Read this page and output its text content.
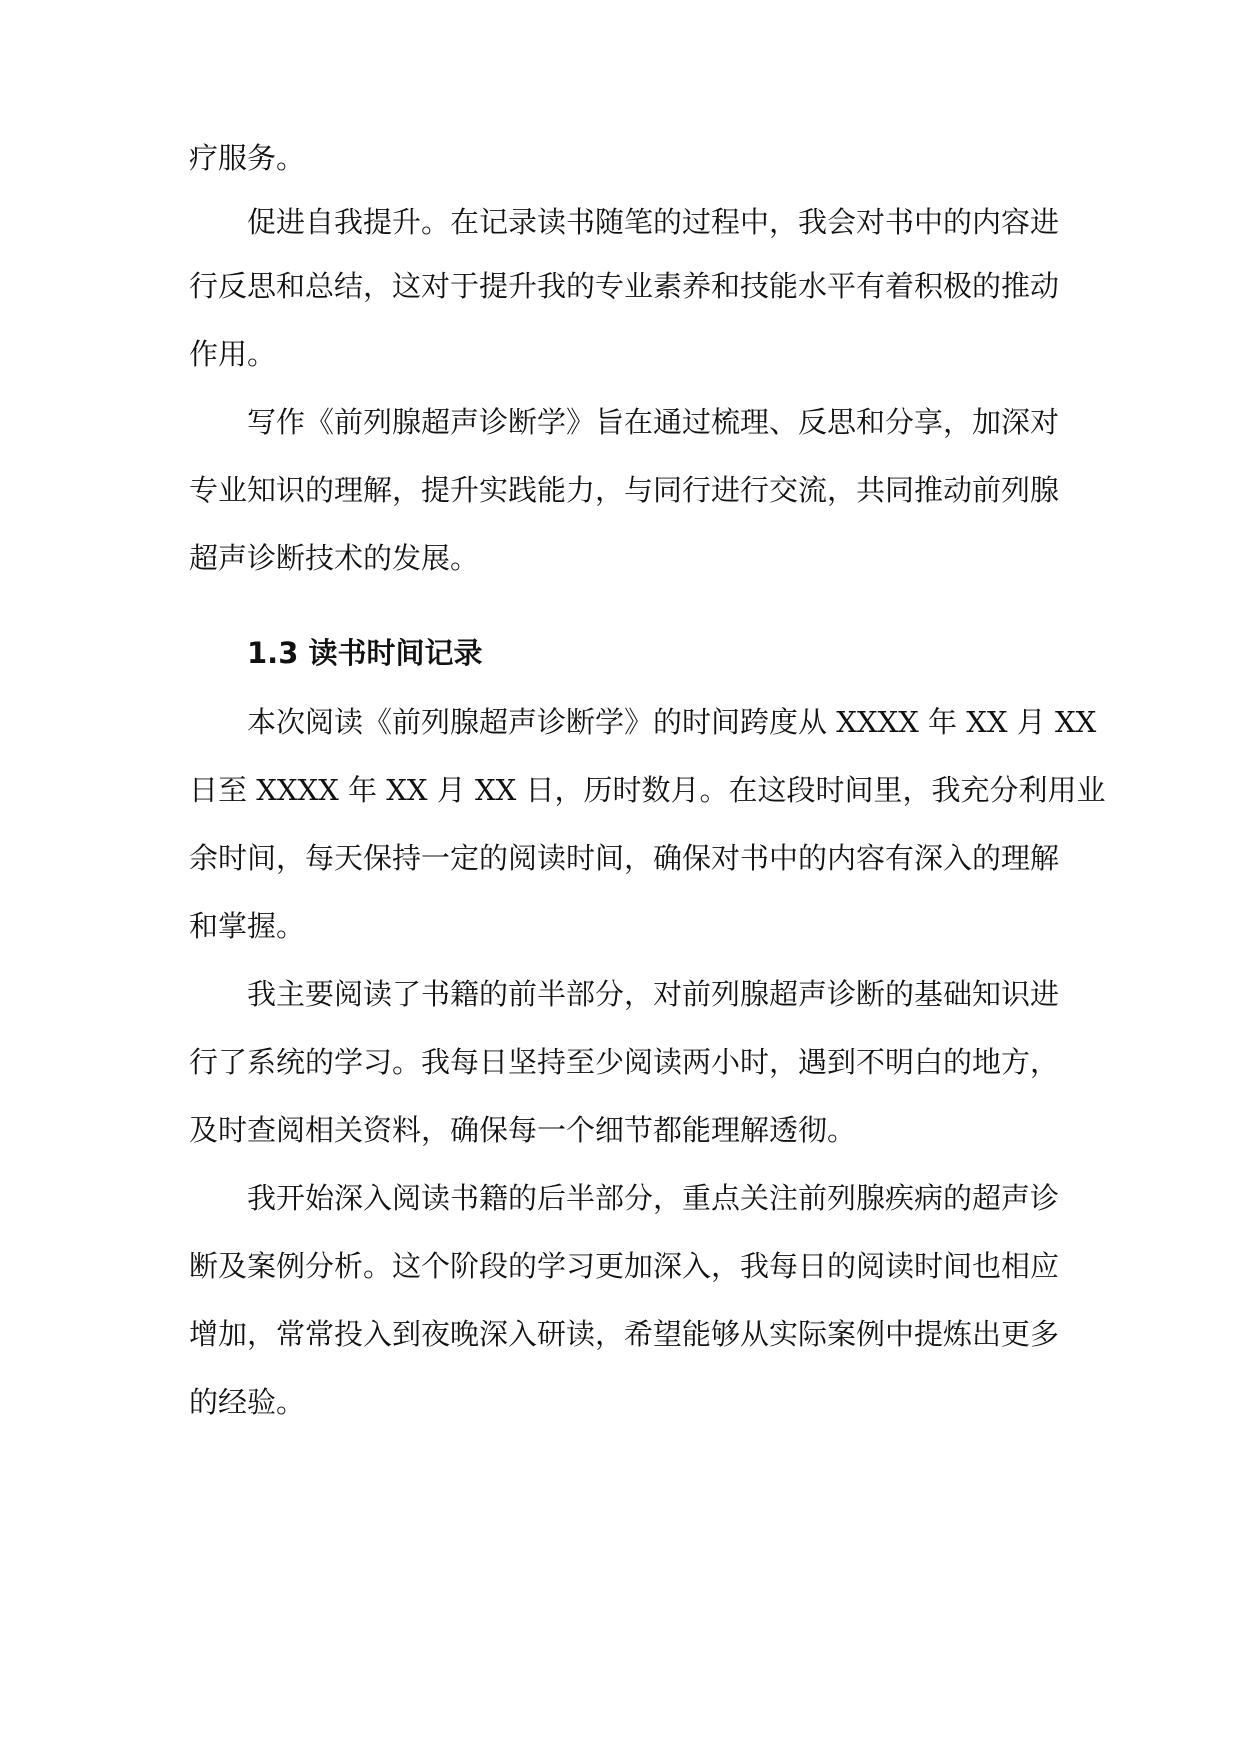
疗服务。
促进自我提升。在记录读书随笔的过程中，我会对书中的内容进
行反思和总结，这对于提升我的专业素养和技能水平有着积极的推动
作用。
写作《前列腺超声诊断学》旨在通过梳理、反思和分享，加深对
专业知识的理解，提升实践能力，与同行进行交流，共同推动前列腺
超声诊断技术的发展。
1.3 读书时间记录
本次阅读《前列腺超声诊断学》的时间跨度从 XXXX 年 XX 月 XX
日至 XXXX 年 XX 月 XX 日，历时数月。在这段时间里，我充分利用业
余时间，每天保持一定的阅读时间，确保对书中的内容有深入的理解
和掌握。
我主要阅读了书籍的前半部分，对前列腺超声诊断的基础知识进
行了系统的学习。我每日坚持至少阅读两小时，遇到不明白的地方，
及时查阅相关资料，确保每一个细节都能理解透彻。
我开始深入阅读书籍的后半部分，重点关注前列腺疾病的超声诊
断及案例分析。这个阶段的学习更加深入，我每日的阅读时间也相应
增加，常常投入到夜晚深入研读，希望能够从实际案例中提炼出更多
的经验。
